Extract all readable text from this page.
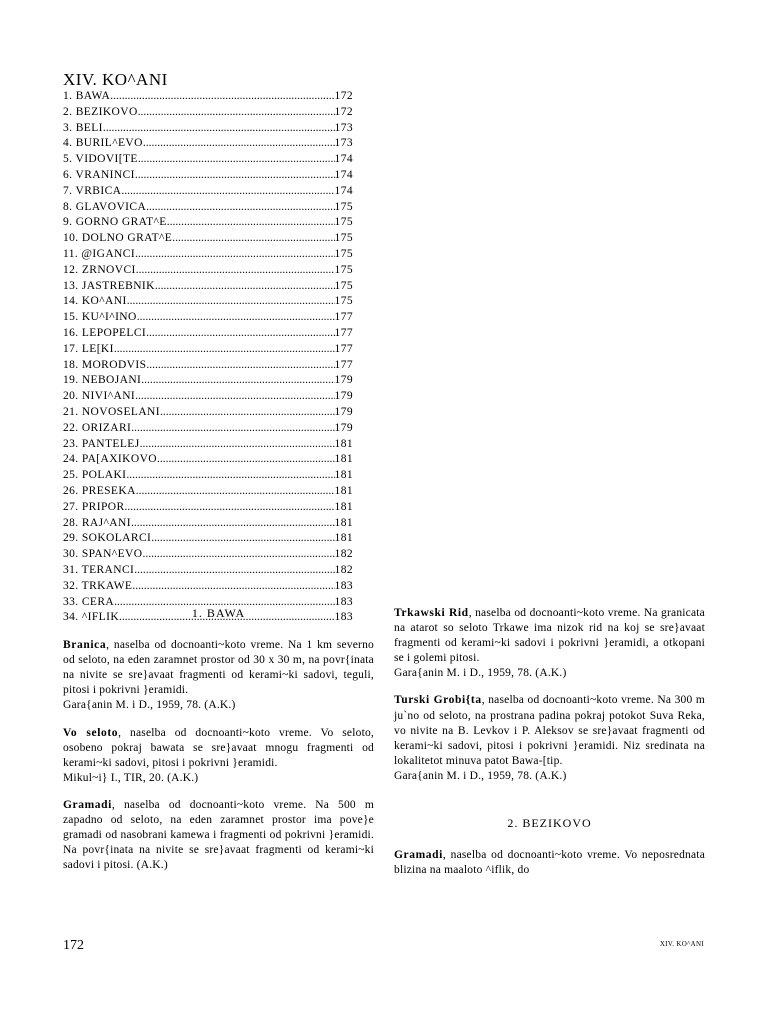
XIV. KO^ANI
1. BAWA .....	172
2. BEZIKOVO .....	172
3. BELI .....	173
4. BURIL^EVO .....	173
5. VIDOVI[TE .....	174
6. VRANINCI .....	174
7. VRBICA .....	174
8. GLAVOVICA .....	175
9. GORNO GRAT^E .....	175
10. DOLNO GRAT^E .....	175
11. @IGANCI .....	175
12. ZRNOVCI .....	175
13. JASTREBNIK .....	175
14. KO^ANI .....	175
15. KU^I^INO .....	177
16. LEPOPELCI .....	177
17. LE[KI .....	177
18. MORODVIS .....	177
19. NEBOJANI .....	179
20. NIVI^ANI .....	179
21. NOVOSELANI .....	179
22. ORIZARI .....	179
23. PANTELEJ .....	181
24. PA[AXIKOVO .....	181
25. POLAKI .....	181
26. PRESEKA .....	181
27. PRIPOR .....	181
28. RAJ^ANI .....	181
29. SOKOLARCI .....	181
30. SPAN^EVO .....	182
31. TERANCI .....	182
32. TRKAWE .....	183
33. CERA .....	183
34. ^IFLIK .....	183
1. BAWA

Branica, naselba od docnoanti~koto vreme. Na 1 km severno od seloto, na eden zaramnet prostor od 30 x 30 m, na povr{inata na nivite se sre}avaat fragmenti od kerami~ki sadovi, teguli, pitosi i pokrivni }eramidi.

Gara{anin M. i D., 1959, 78. (A.K.)

Vo seloto, naselba od docnoanti~koto vreme. Vo seloto, osobeno pokraj bawata se sre}avaat mnogu fragmenti od kerami~ki sadovi, pitosi i pokrivni }eramidi.

Mikul~i} I., TIR, 20. (A.K.)

Gramadi, naselba od docnoanti~koto vreme. Na 500 m zapadno od seloto, na eden zaramnet prostor ima pove}e gramadi od nasobrani kamewa i fragmenti od pokrivni }eramidi. Na povr{inata na nivite se sre}avaat fragmenti od kerami~ki sadovi i pitosi. (A.K.)

Trkawski Rid, naselba od docnoanti~koto vreme. Na granicata na atarot so seloto Trkawe ima nizok rid na koj se sre}avaat fragmenti od kerami~ki sadovi i pokrivni }eramidi, a otkopani se i golemi pitosi.

Gara{anin M. i D., 1959, 78. (A.K.)

Turski Grobi{ta, naselba od docnoanti~koto vreme. Na 300 m ju`no od seloto, na prostrana padina pokraj potokot Suva Reka, vo nivite na B. Levkov i P. Aleksov se sre}avaat fragmenti od kerami~ki sadovi, pitosi i pokrivni }eramidi. Niz sredinata na lokalitetot minuva patot Bawa-[tip.

Gara{anin M. i D., 1959, 78. (A.K.)

2. BEZIKOVO

Gramadi, naselba od docnoanti~koto vreme. Vo neposrednata blizina na maaloto ^iflik, do

172	XIV. KO^ANI
